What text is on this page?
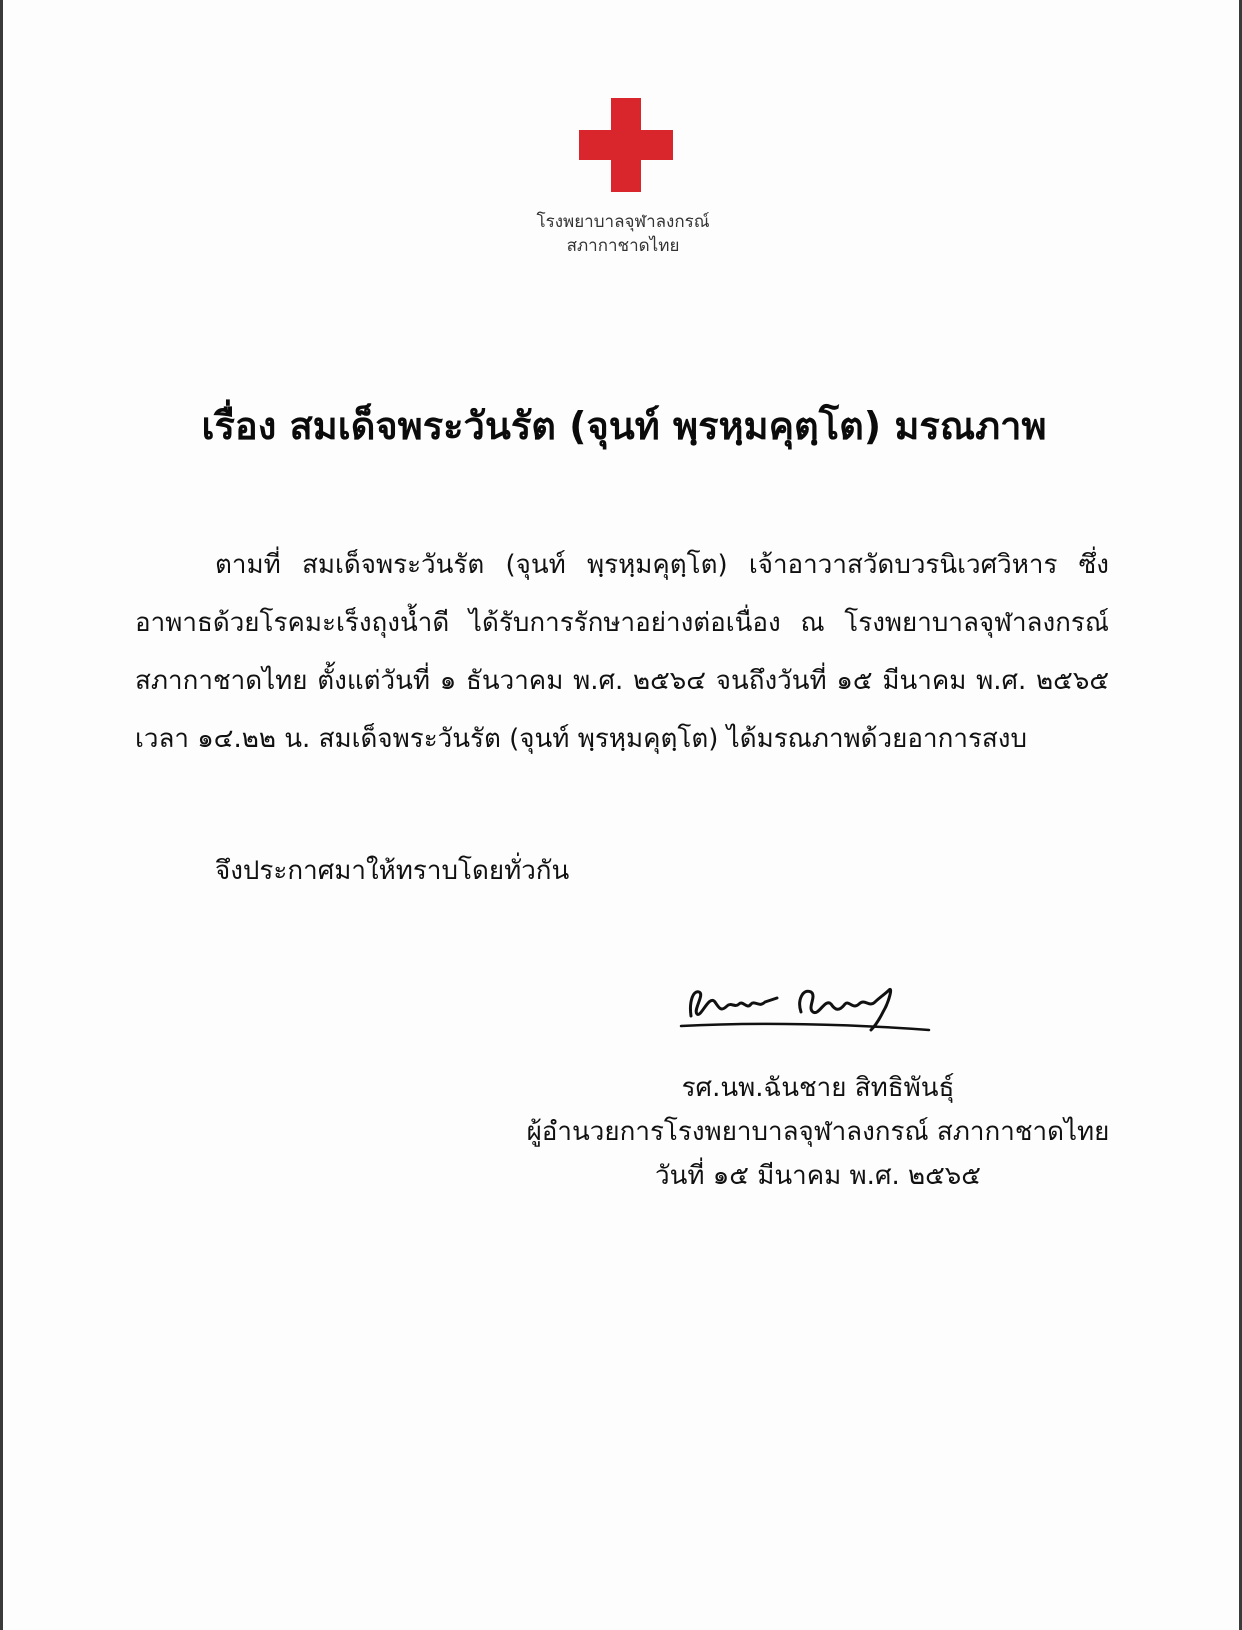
โรงพยาบาลจุฬาลงกรณ์
สภากาชาดไทย
เรื่อง สมเด็จพระวันรัต (จุนท์ พฺรหฺมคุตฺโต) มรณภาพ
ตามที่ สมเด็จพระวันรัต (จุนท์ พฺรหฺมคุตฺโต) เจ้าอาวาสวัดบวรนิเวศวิหาร ซึ่งอาพาธด้วยโรคมะเร็งถุงน้ำดี ได้รับการรักษาอย่างต่อเนื่อง ณ โรงพยาบาลจุฬาลงกรณ์ สภากาชาดไทย ตั้งแต่วันที่ ๑ ธันวาคม พ.ศ. ๒๕๖๔ จนถึงวันที่ ๑๕ มีนาคม พ.ศ. ๒๕๖๕ เวลา ๑๔.๒๒ น. สมเด็จพระวันรัต (จุนท์ พฺรหฺมคุตฺโต) ได้มรณภาพด้วยอาการสงบ
จึงประกาศมาให้ทราบโดยทั่วกัน
รศ.นพ.ฉันชาย สิทธิพันธุ์
ผู้อำนวยการโรงพยาบาลจุฬาลงกรณ์ สภากาชาดไทย
วันที่ ๑๕ มีนาคม พ.ศ. ๒๕๖๕
